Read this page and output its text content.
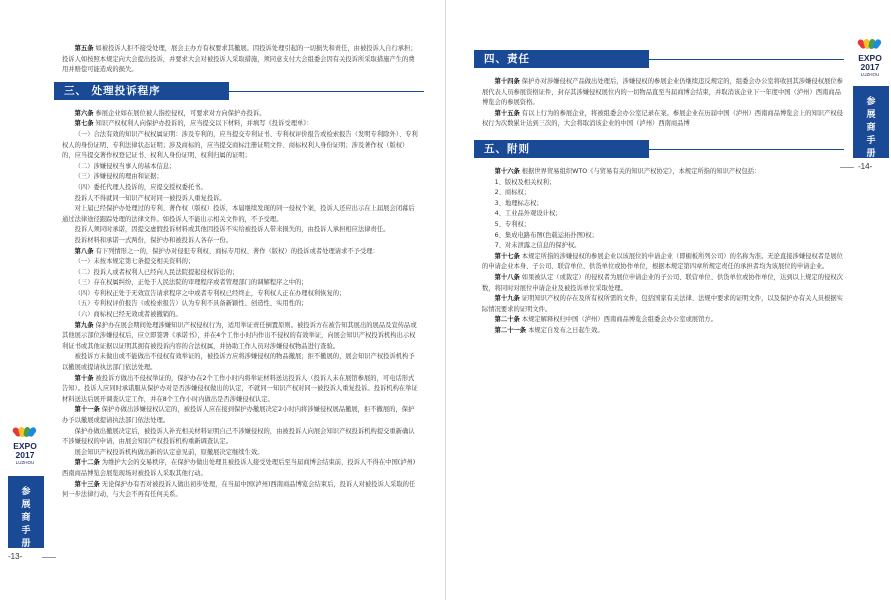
EXPO
2017
LUZHOU
参
展
商
手
册
-13-

第五条 如被投诉人拒不接受处理，展会主办方有权要求其撤展。因投诉处理引起的一切损失和责任，由被投诉人自行承担；投诉人如按照本规定向大会提出投诉，并要求大会对被投诉人采取措施，须同意支付大会组委会因有关投诉所采取措施产生的费用并赔偿可能造成的损失。

三、 处理投诉程序

第六条 参展企业如在展位被人指控侵权，可要求对方向保护办投诉。

第七条 知识产权权利人向保护办投诉的，应当提交以下材料，并填写《投诉受理单》：

（一）合法有效的知识产权权属证明：涉及专利的，应当提交专利证书、专利权评价报告或检索报告（发明专利除外）、专利权人的身份证明、专利法律状态证明；涉及商标的，应当提交商标注册证明文件、商标权利人身份证明；涉及著作权（版权）的，应当提交著作权登记证书、权利人身份证明、权利归属的证明；

（二）涉嫌侵权当事人的基本信息；

（三）涉嫌侵权的理由和证据；

（四）委托代理人投诉的，应提交授权委托书。

投诉人不得就同一知识产权对同一被投诉人重复投诉。

对上届已经保护办处理过的专利、著作权（版权）投诉，本届继续发现的同一侵权个案，投诉人还应出示在上届展会闭幕后通过法律途径跟踪处理的法律文件。如投诉人不能出示相关文件的，不予受理。

投诉人须同时承诺，因提交虚假投诉材料或其他因投诉不实给被投诉人带来损失的，由投诉人承担相应法律责任。

投诉材料和承诺一式两份，保护办和被投诉人各存一份。

第八条 有下列情形之一的，保护办对侵犯专利权、商标专用权、著作（版权）的投诉或者处理请求不予受理：

（一）未按本规定第七条提交相关资料的；

（二）投诉人或者权利人已经向人民法院提起侵权诉讼的；

（三）存在权属纠纷，正处于人民法院的审理程序或者管理部门的调解程序之中的；

（四）专利权正处于无效宣告请求程序之中或者专利权已经终止，专利权人正在办理权利恢复的；

（五）专利权评价报告（或检索报告）认为专利不具备新颖性、创造性、实用性的；

（六）商标权已经无效或者被撤销的。

第九条 保护办在展会期间处理涉嫌知识产权侵权行为，适用举证责任倒置原则。被投诉方在被告知其展出的展品及宣传品或其他展示部位涉嫌侵权后，应立即签署《承诺书》，并在4个工作小时内作出不侵权的有效举证，向展会知识产权投诉机构出示权利证书或其他证据以证明其拥有被投诉内容的合法权属，并协助工作人员对涉嫌侵权物品进行查验。

被投诉方未做出或不能做出不侵权有效举证的，被投诉方应将涉嫌侵权的物品撤展；拒不撤展的，展会知识产权投诉机构予以撤展或提请执法部门依法处理。

第十条 被投诉方做出不侵权举证的，保护办在2个工作小时内将举证材料送达投诉人（投诉人未在展馆参展的，可电话形式告知）。投诉人应同时承诺服从保护办对是否涉嫌侵权做出的认定，不就同一知识产权对同一被投诉人重复投诉。投诉机构在举证材料送达后展开调查认定工作，并在8个工作小时内做出是否涉嫌侵权认定。

第十一条 保护办做出涉嫌侵权认定的，被投诉人应在接到保护办撤展决定2小时内将涉嫌侵权展品撤展，拒不撤展的，保护办予以撤展或提请执法部门依法处理。

保护办做出撤展决定后，被投诉人补充相关材料证明自己不涉嫌侵权的，由被投诉人向展会知识产权投诉机构提交重新确认不涉嫌侵权的申请，由展会知识产权投诉机构重新调查认定。

展会知识产权投诉机构做出新的认定意见前，原撤展决定继续生效。

第十二条 为维护大会的交易秩序，在保护办做出处理且被投诉人接受处理后至当届商博会结束前，投诉人不得在中国(泸州)西南商品博览会展览现场对被投诉人采取其他行动。

第十三条 无论保护办有否对被投诉人做出初步处理，在当届中国(泸州)西南商品博览会结束后，投诉人对被投诉人采取的任何一步法律行动，与大会不再有任何关系。

EXPO
2017
LUZHOU
参
展
商
手
册
-14-
四、责任

第十四条 保护办对涉嫌侵权产品做出处理后，涉嫌侵权的参展企业仍继续违反规定的，组委会办公室将收回其涉嫌侵权展位参展代表人员参展资格证件，封存其涉嫌侵权展位内的一切物品直至当届商博会结束，并取消该企业下一年度中国（泸州）西南商品博览会的参展资格。

第十五条 有以上行为的参展企业，将被组委会办公室记录在案。参展企业在历届中国（泸州）西南商品博览会上的知识产权侵权行为次数累计达到三次的，大会将取消该企业的中国（泸州）西南商品博

五、附则

第十六条 根据世界贸易组织WTO《与贸易有关的知识产权协定》，本规定所指的知识产权包括：

1、版权及相关权利；

2、商标权；

3、地理标志权；

4、工业品外观设计权；

5、专利权；

6、集成电路布图(色载运拓扑图)权；

7、对未泄露之信息的保护权。

第十七条 本规定所指的涉嫌侵权的参展企业以该展位的申请企业（即楣板所列公司）的名称为准。无论直接涉嫌侵权者是展位的申请企业本身、子公司、联营单位、供货单位或协作单位，根据本规定第四章所规定责任的承担者均为该展位的申请企业。

第十八条 如果被认定（或裁定）的侵权者为展位申请企业的子公司、联营单位、供货单位或协作单位，达到以上规定的侵权次数，将同时对展位申请企业及被投诉单位采取处理。

第十九条 证明知识产权的存在及所有权所需的文件，包括国家有关法律、法规中要求的证明文件，以及保护办有关人员根据实际情况要求的证明文件。

第二十条 本规定解释权归中国（泸州）西南商品博览会组委会办公室或展馆方。

第二十一条 本规定自发布之日起生效。
